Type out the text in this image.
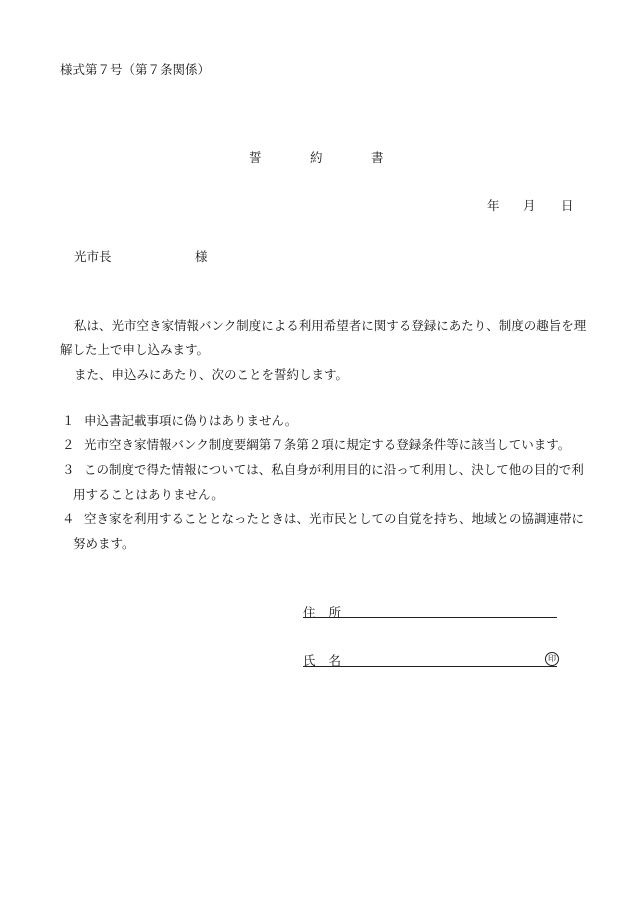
様式第７号（第７条関係）
誓	約	書
年 月 日
光市長	様
私は、光市空き家情報バンク制度による利用希望者に関する登録にあたり、制度の趣旨を理
解した上で申し込みます。
また、申込みにあたり、次のことを誓約します。
１ 申込書記載事項に偽りはありません。
２ 光市空き家情報バンク制度要綱第７条第２項に規定する登録条件等に該当しています。
３ この制度で得た情報については、私自身が利用目的に沿って利用し、決して他の目的で利
用することはありません。
４ 空き家を利用することとなったときは、光市民としての自覚を持ち、地域との協調連帯に
努めます。
住 所
氏 名	印
